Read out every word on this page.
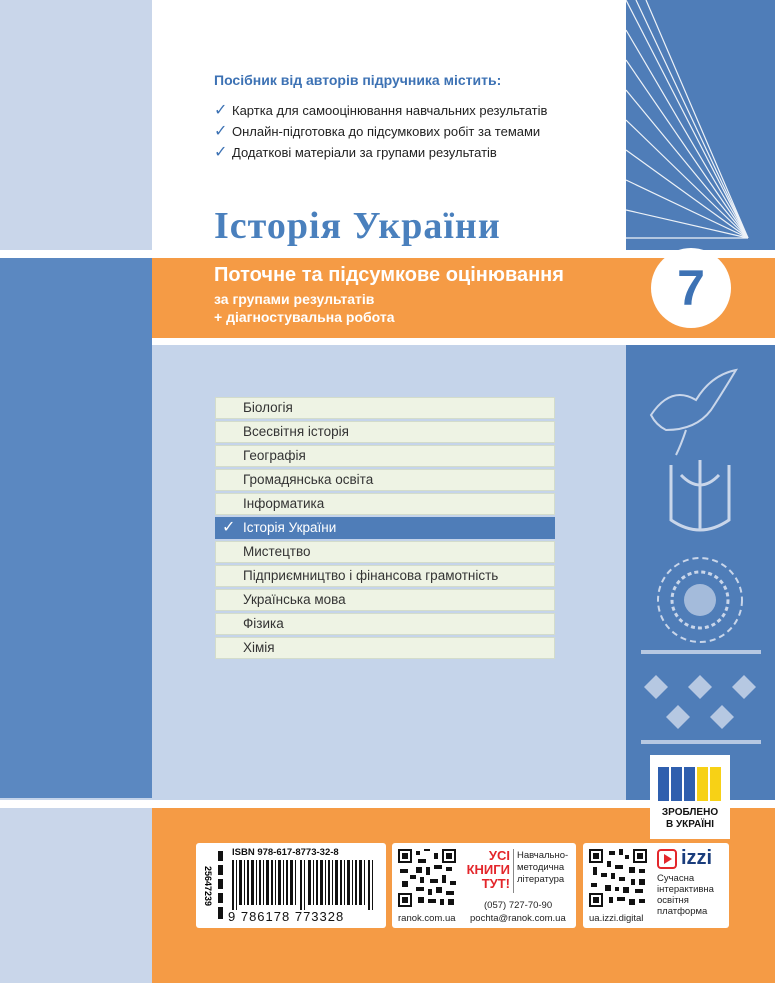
Посібник від авторів підручника містить:
✓ Картка для самооцінювання навчальних результатів
✓ Онлайн-підготовка до підсумкових робіт за темами
✓ Додаткові матеріали за групами результатів
Історія України
Поточне та підсумкове оцінювання
за групами результатів
+ діагностувальна робота
7
Біологія
Всесвітня історія
Географія
Громадянська освіта
Інформатика
✓ Історія України
Мистецтво
Підприємництво і фінансова грамотність
Українська мова
Фізика
Хімія
ЗРОБЛЕНО
В УКРАЇНІ
25647239
ISBN 978-617-8773-32-8
9 786178 773328
УСІ
КНИГИ
ТУТ!
Навчально-
методична
література
ranok.com.ua
(057) 727-70-90
pochta@ranok.com.ua
izzi
Сучасна
інтерактивна
освітня
платформа
ua.izzi.digital
